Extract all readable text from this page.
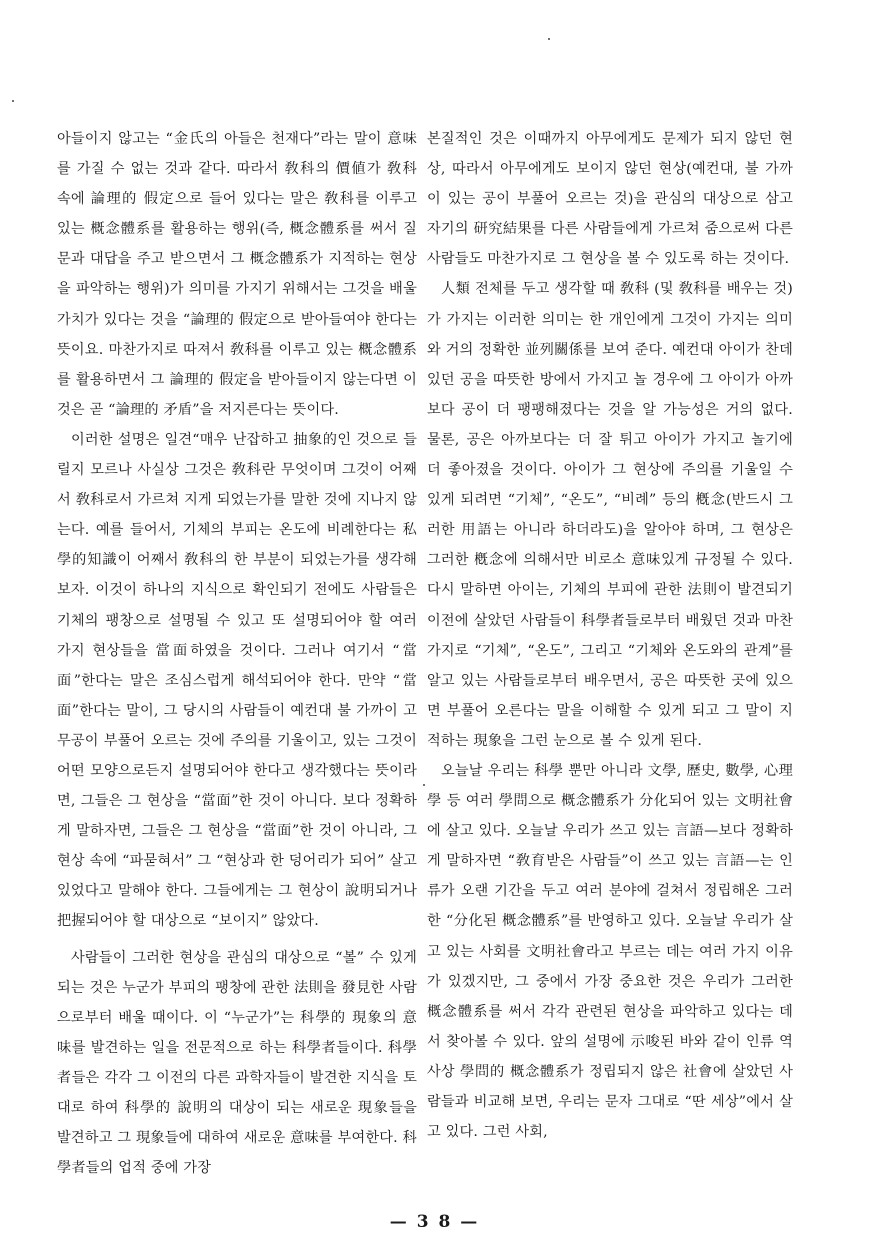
아들이지 않고는 “金氏의 아들은 천재다”라는 말이 意味를 가질 수 없는 것과 같다. 따라서 敎科의 價値가 敎科 속에 論理的 假定으로 들어 있다는 말은 敎科를 이루고 있는 概念體系를 활용하는 행위(즉, 概念體系를 써서 질문과 대답을 주고 받으면서 그 概念體系가 지적하는 현상을 파악하는 행위)가 의미를 가지기 위해서는 그것을 배울 가치가 있다는 것을 “論理的 假定으로 받아들여야 한다는 뜻이요. 마찬가지로 따져서 敎科를 이루고 있는 概念體系를 활용하면서 그 論理的 假定을 받아들이지 않는다면 이것은 곧 “論理的 矛盾”을 저지른다는 뜻이다.

이러한 설명은 일견“매우 난잡하고 抽象的인 것으로 들릴지 모르나 사실상 그것은 敎科란 무엇이며 그것이 어째서 敎科로서 가르쳐 지게 되었는가를 말한 것에 지나지 않는다. 예를 들어서, 기체의 부피는 온도에 비례한다는 私學的知識이 어째서 敎科의 한 부분이 되었는가를 생각해 보자. 이것이 하나의 지식으로 확인되기 전에도 사람들은 기체의 팽창으로 설명될 수 있고 또 설명되어야 할 여러 가지 현상들을 當面하였을 것이다. 그러나 여기서 “當面”한다는 말은 조심스럽게 해석되어야 한다. 만약 “當面”한다는 말이, 그 당시의 사람들이 예컨대 불 가까이 고무공이 부풀어 오르는 것에 주의를 기울이고, 있는 그것이 어떤 모양으로든지 설명되어야 한다고 생각했다는 뜻이라면, 그들은 그 현상을 “當面”한 것이 아니다. 보다 정확하게 말하자면, 그들은 그 현상을 “當面”한 것이 아니라, 그 현상 속에 “파묻혀서” 그 “현상과 한 덩어리가 되어” 살고 있었다고 말해야 한다. 그들에게는 그 현상이 說明되거나 把握되어야 할 대상으로 “보이지” 않았다.

사람들이 그러한 현상을 관심의 대상으로 “볼” 수 있게 되는 것은 누군가 부피의 팽창에 관한 法則을 發見한 사람으로부터 배울 때이다. 이 “누군가”는 科學的 現象의 意味를 발견하는 일을 전문적으로 하는 科學者들이다. 科學者들은 각각 그 이전의 다른 과학자들이 발견한 지식을 토대로 하여 科學的 說明의 대상이 되는 새로운 現象들을 발견하고 그 現象들에 대하여 새로운 意味를 부여한다. 科學者들의 업적 중에 가장

본질적인 것은 이때까지 아무에게도 문제가 되지 않던 현상, 따라서 아무에게도 보이지 않던 현상(예컨대, 불 가까이 있는 공이 부풀어 오르는 것)을 관심의 대상으로 삼고 자기의 研究結果를 다른 사람들에게 가르쳐 줌으로써 다른 사람들도 마찬가지로 그 현상을 볼 수 있도록 하는 것이다.

人類 전체를 두고 생각할 때 敎科 (및 敎科를 배우는 것)가 가지는 이러한 의미는 한 개인에게 그것이 가지는 의미와 거의 정확한 並列關係를 보여 준다. 예컨대 아이가 찬데 있던 공을 따뜻한 방에서 가지고 놀 경우에 그 아이가 아까보다 공이 더 팽팽해졌다는 것을 알 가능성은 거의 없다. 물론, 공은 아까보다는 더 잘 튀고 아이가 가지고 놀기에 더 좋아졌을 것이다. 아이가 그 현상에 주의를 기울일 수 있게 되려면 “기체”, “온도”, “비례” 등의 槪念(반드시 그러한 用語는 아니라 하더라도)을 알아야 하며, 그 현상은 그러한 槪念에 의해서만 비로소 意味있게 규정될 수 있다. 다시 말하면 아이는, 기체의 부피에 관한 法則이 발견되기 이전에 살았던 사람들이 科學者들로부터 배웠던 것과 마찬가지로 “기체”, “온도”, 그리고 “기체와 온도와의 관계”를 알고 있는 사람들로부터 배우면서, 공은 따뜻한 곳에 있으면 부풀어 오른다는 말을 이해할 수 있게 되고 그 말이 지적하는 現象을 그런 눈으로 볼 수 있게 된다.

오늘날 우리는 科學 뿐만 아니라 文學, 歷史, 數學, 心理學 등 여러 學問으로 概念體系가 分化되어 있는 文明社會에 살고 있다. 오늘날 우리가 쓰고 있는 言語—보다 정확하게 말하자면 “敎育받은 사람들”이 쓰고 있는 言語—는 인류가 오랜 기간을 두고 여러 분야에 걸쳐서 정립해온 그러한 “分化된 概念體系”를 반영하고 있다. 오늘날 우리가 살고 있는 사회를 文明社會라고 부르는 데는 여러 가지 이유가 있겠지만, 그 중에서 가장 중요한 것은 우리가 그러한 概念體系를 써서 각각 관련된 현상을 파악하고 있다는 데서 찾아볼 수 있다. 앞의 설명에 示唆된 바와 같이 인류 역사상 學問的 概念體系가 정립되지 않은 社會에 살았던 사람들과 비교해 보면, 우리는 문자 그대로 “딴 세상”에서 살고 있다. 그런 사회,

— 3 8 —
